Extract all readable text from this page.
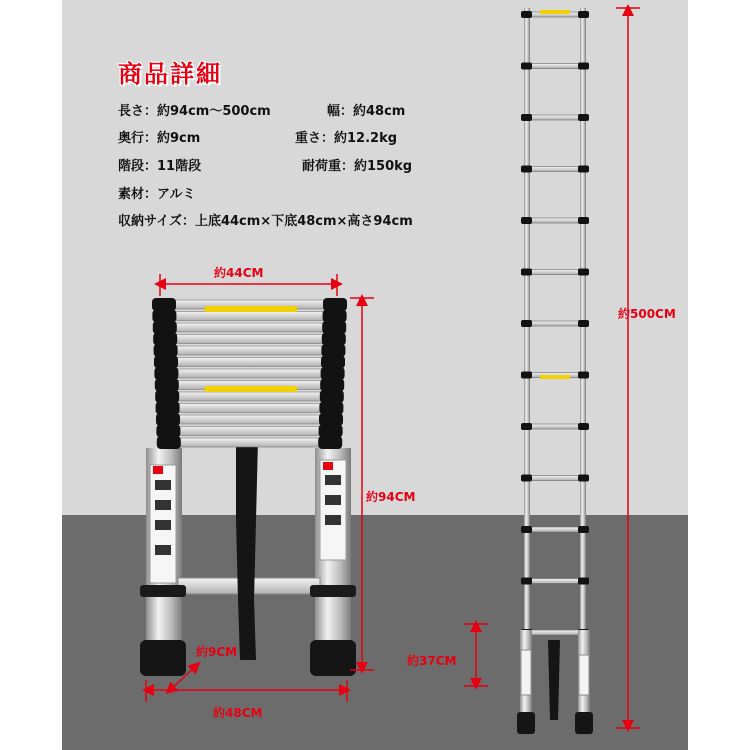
商品詳細
長さ：約94cm〜500cm	幅：約48cm
奥行：約9cm	重さ：約12.2kg
階段：11階段	耐荷重：約150kg
素材：アルミ
収納サイズ：上底44cm×下底48cm×高さ94cm
約44CM
約94CM
約9CM
約48CM
約37CM
約500CM
